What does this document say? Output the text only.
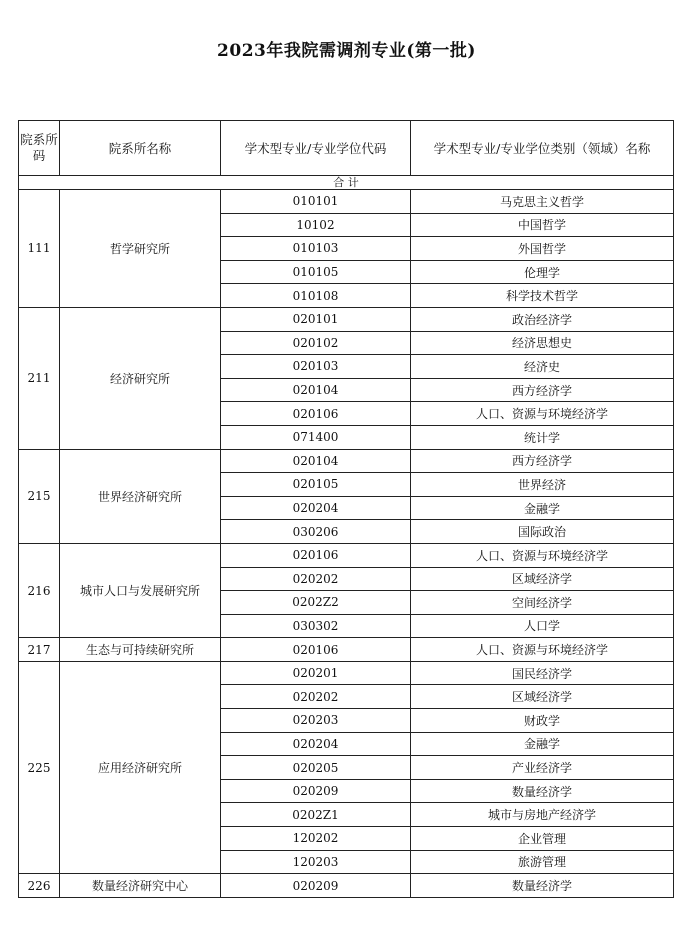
2023年我院需调剂专业(第一批)
院系所码	院系所名称	学术型专业/专业学位代码	学术型专业/专业学位类别（领域）名称
合 计			
111	哲学研究所	010101	马克思主义哲学
		10102	中国哲学
		010103	外国哲学
		010105	伦理学
		010108	科学技术哲学
211	经济研究所	020101	政治经济学
		020102	经济思想史
		020103	经济史
		020104	西方经济学
		020106	人口、资源与环境经济学
		071400	统计学
215	世界经济研究所	020104	西方经济学
		020105	世界经济
		020204	金融学
		030206	国际政治
216	城市人口与发展研究所	020106	人口、资源与环境经济学
		020202	区域经济学
		0202Z2	空间经济学
		030302	人口学
217	生态与可持续研究所	020106	人口、资源与环境经济学
225	应用经济研究所	020201	国民经济学
		020202	区域经济学
		020203	财政学
		020204	金融学
		020205	产业经济学
		020209	数量经济学
		0202Z1	城市与房地产经济学
		120202	企业管理
		120203	旅游管理
226	数量经济研究中心	020209	数量经济学
